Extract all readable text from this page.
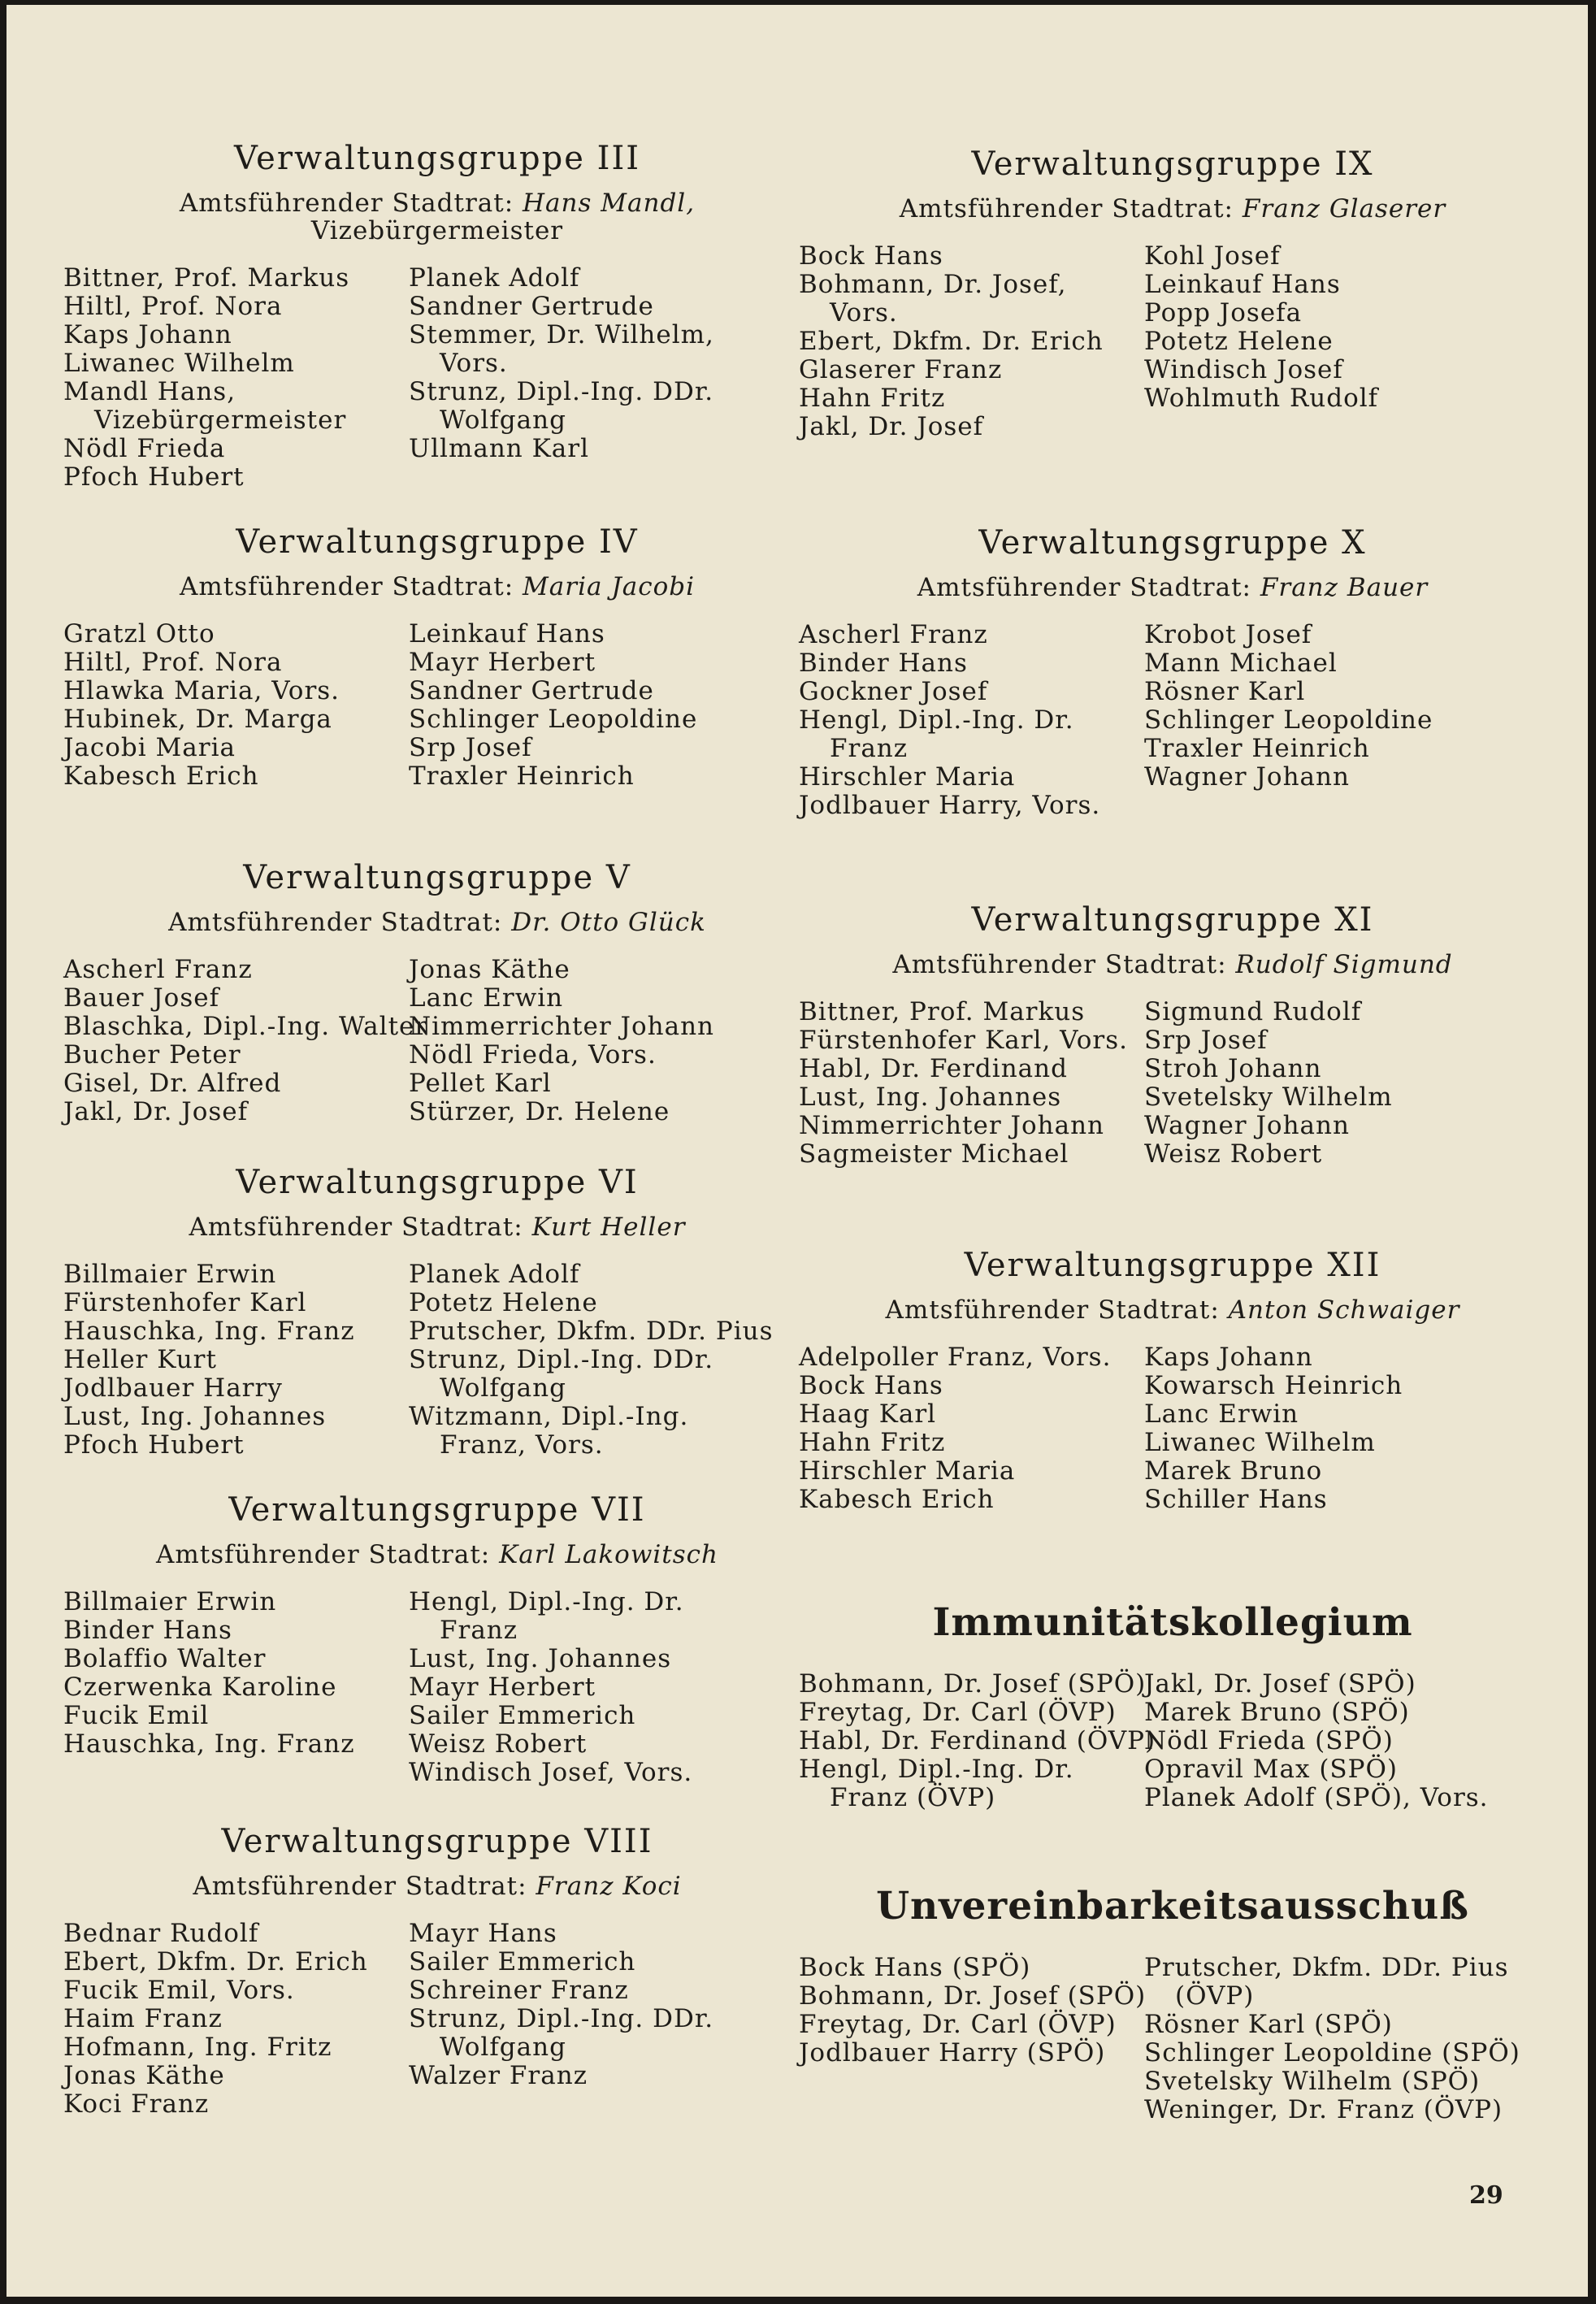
Verwaltungsgruppe III
Amtsführender Stadtrat: Hans Mandl,
Vizebürgermeister
Bittner, Prof. Markus
Hiltl, Prof. Nora
Kaps Johann
Liwanec Wilhelm
Mandl Hans,
Vizebürgermeister
Nödl Frieda
Pfoch Hubert
Planek Adolf
Sandner Gertrude
Stemmer, Dr. Wilhelm,
Vors.
Strunz, Dipl.-Ing. DDr.
Wolfgang
Ullmann Karl
Verwaltungsgruppe IV
Amtsführender Stadtrat: Maria Jacobi
Gratzl Otto
Hiltl, Prof. Nora
Hlawka Maria, Vors.
Hubinek, Dr. Marga
Jacobi Maria
Kabesch Erich
Leinkauf Hans
Mayr Herbert
Sandner Gertrude
Schlinger Leopoldine
Srp Josef
Traxler Heinrich
Verwaltungsgruppe V
Amtsführender Stadtrat: Dr. Otto Glück
Ascherl Franz
Bauer Josef
Blaschka, Dipl.-Ing. Walter
Bucher Peter
Gisel, Dr. Alfred
Jakl, Dr. Josef
Jonas Käthe
Lanc Erwin
Nimmerrichter Johann
Nödl Frieda, Vors.
Pellet Karl
Stürzer, Dr. Helene
Verwaltungsgruppe VI
Amtsführender Stadtrat: Kurt Heller
Billmaier Erwin
Fürstenhofer Karl
Hauschka, Ing. Franz
Heller Kurt
Jodlbauer Harry
Lust, Ing. Johannes
Pfoch Hubert
Planek Adolf
Potetz Helene
Prutscher, Dkfm. DDr. Pius
Strunz, Dipl.-Ing. DDr.
Wolfgang
Witzmann, Dipl.-Ing.
Franz, Vors.
Verwaltungsgruppe VII
Amtsführender Stadtrat: Karl Lakowitsch
Billmaier Erwin
Binder Hans
Bolaffio Walter
Czerwenka Karoline
Fucik Emil
Hauschka, Ing. Franz
Hengl, Dipl.-Ing. Dr.
Franz
Lust, Ing. Johannes
Mayr Herbert
Sailer Emmerich
Weisz Robert
Windisch Josef, Vors.
Verwaltungsgruppe VIII
Amtsführender Stadtrat: Franz Koci
Bednar Rudolf
Ebert, Dkfm. Dr. Erich
Fucik Emil, Vors.
Haim Franz
Hofmann, Ing. Fritz
Jonas Käthe
Koci Franz
Mayr Hans
Sailer Emmerich
Schreiner Franz
Strunz, Dipl.-Ing. DDr.
Wolfgang
Walzer Franz
Verwaltungsgruppe IX
Amtsführender Stadtrat: Franz Glaserer
Bock Hans
Bohmann, Dr. Josef,
Vors.
Ebert, Dkfm. Dr. Erich
Glaserer Franz
Hahn Fritz
Jakl, Dr. Josef
Kohl Josef
Leinkauf Hans
Popp Josefa
Potetz Helene
Windisch Josef
Wohlmuth Rudolf
Verwaltungsgruppe X
Amtsführender Stadtrat: Franz Bauer
Ascherl Franz
Binder Hans
Gockner Josef
Hengl, Dipl.-Ing. Dr.
Franz
Hirschler Maria
Jodlbauer Harry, Vors.
Krobot Josef
Mann Michael
Rösner Karl
Schlinger Leopoldine
Traxler Heinrich
Wagner Johann
Verwaltungsgruppe XI
Amtsführender Stadtrat: Rudolf Sigmund
Bittner, Prof. Markus
Fürstenhofer Karl, Vors.
Habl, Dr. Ferdinand
Lust, Ing. Johannes
Nimmerrichter Johann
Sagmeister Michael
Sigmund Rudolf
Srp Josef
Stroh Johann
Svetelsky Wilhelm
Wagner Johann
Weisz Robert
Verwaltungsgruppe XII
Amtsführender Stadtrat: Anton Schwaiger
Adelpoller Franz, Vors.
Bock Hans
Haag Karl
Hahn Fritz
Hirschler Maria
Kabesch Erich
Kaps Johann
Kowarsch Heinrich
Lanc Erwin
Liwanec Wilhelm
Marek Bruno
Schiller Hans
Immunitätskollegium
Bohmann, Dr. Josef (SPÖ)
Freytag, Dr. Carl (ÖVP)
Habl, Dr. Ferdinand (ÖVP)
Hengl, Dipl.-Ing. Dr.
Franz (ÖVP)
Jakl, Dr. Josef (SPÖ)
Marek Bruno (SPÖ)
Nödl Frieda (SPÖ)
Opravil Max (SPÖ)
Planek Adolf (SPÖ), Vors.
Unvereinbarkeitsausschuß
Bock Hans (SPÖ)
Bohmann, Dr. Josef (SPÖ)
Freytag, Dr. Carl (ÖVP)
Jodlbauer Harry (SPÖ)
Prutscher, Dkfm. DDr. Pius
(ÖVP)
Rösner Karl (SPÖ)
Schlinger Leopoldine (SPÖ)
Svetelsky Wilhelm (SPÖ)
Weninger, Dr. Franz (ÖVP)
29
